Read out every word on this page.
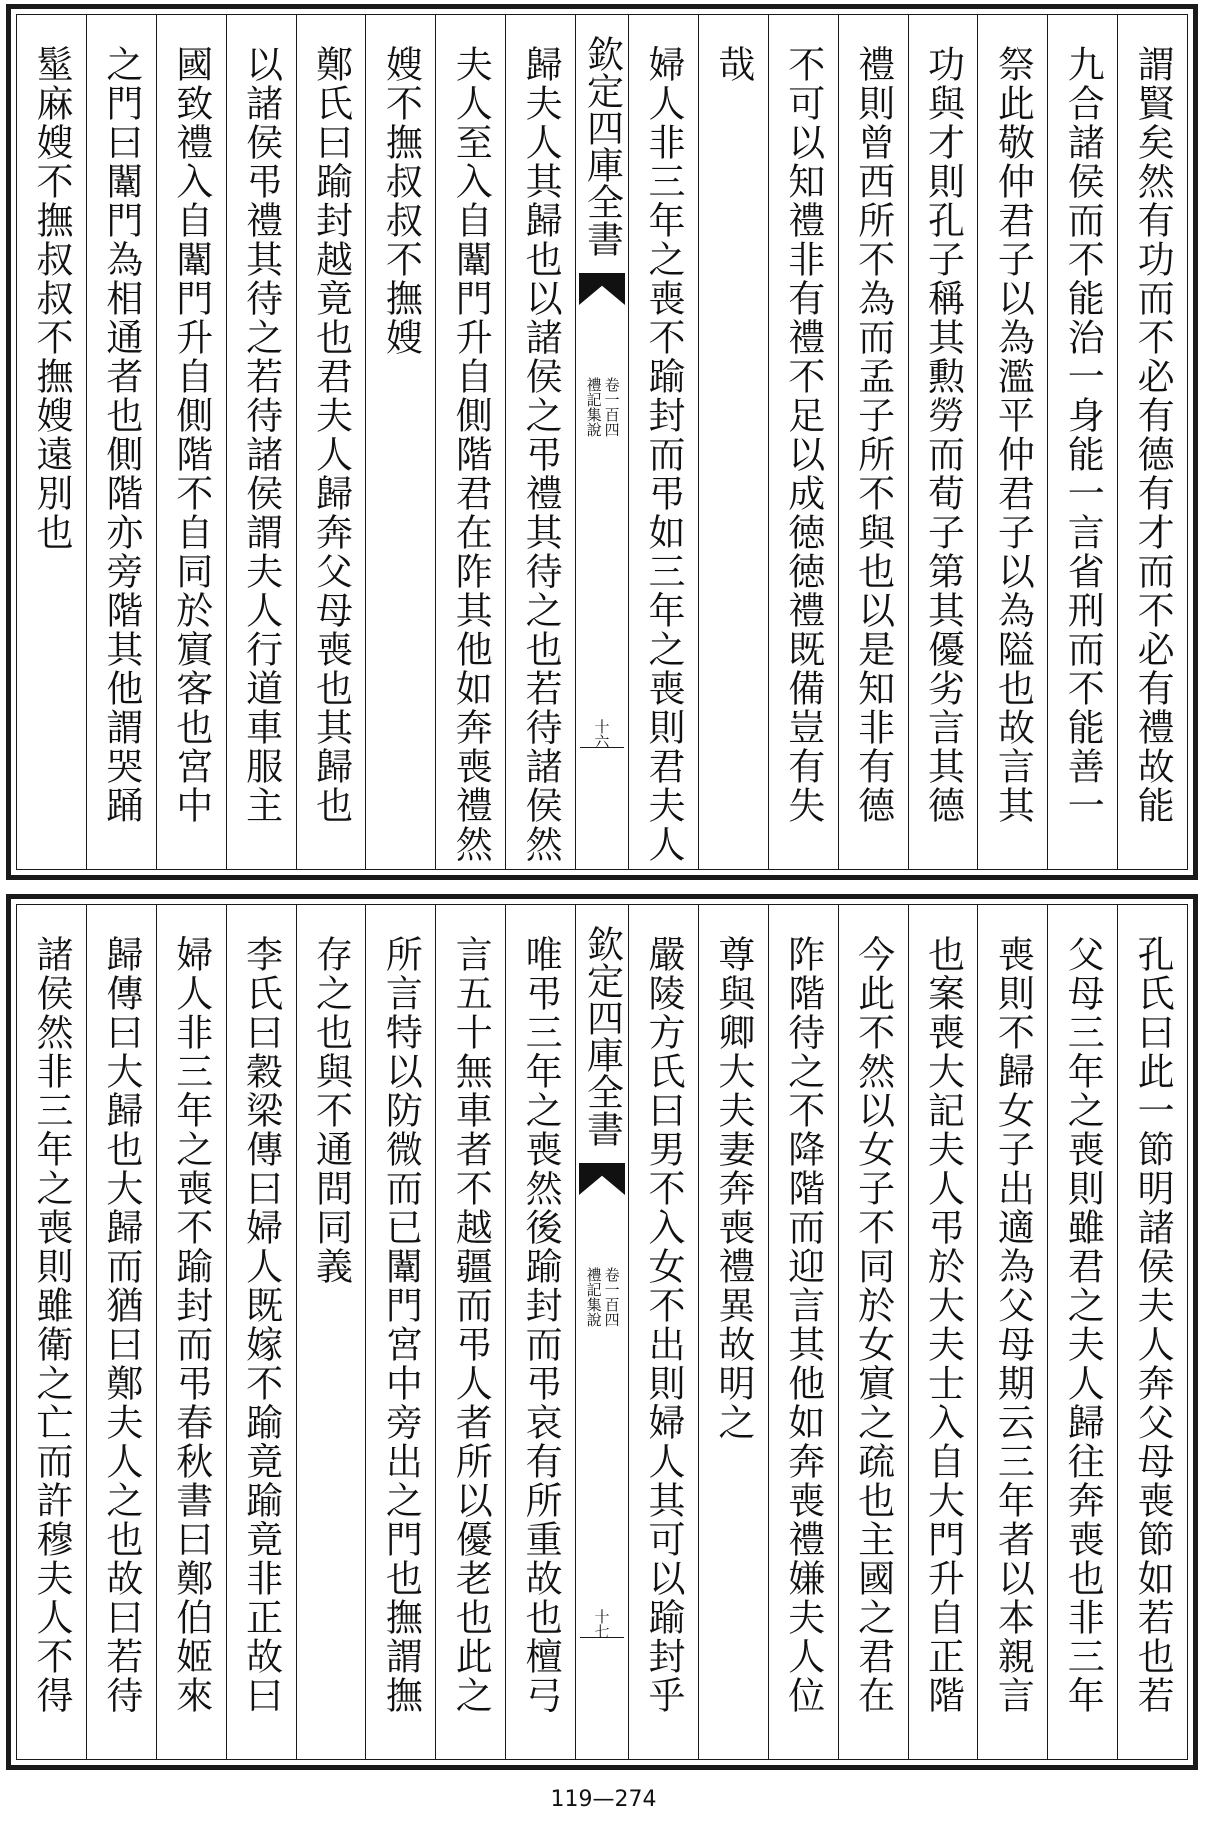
謂賢矣然有功而不必有德有才而不必有禮故能
九合諸侯而不能治一身能一言省刑而不能善一
祭此敬仲君子以為濫平仲君子以為隘也故言其
功與才則孔子稱其勲勞而荀子第其優劣言其德
禮則曾西所不為而孟子所不與也以是知非有德
不可以知禮非有禮不足以成徳徳禮既備豈有失
哉
婦人非三年之喪不踰封而弔如三年之喪則君夫人
欽定四庫全書
禮記集說 卷一百四
十六
歸夫人其歸也以諸侯之弔禮其待之也若待諸侯然
夫人至入自闈門升自側階君在阼其他如奔喪禮然
嫂不撫叔叔不撫嫂
鄭氏曰踰封越竟也君夫人歸奔父母喪也其歸也
以諸侯弔禮其待之若待諸侯謂夫人行道車服主
國致禮入自闈門升自側階不自同於賔客也宮中
之門曰闈門為相通者也側階亦旁階其他謂哭踊
髽麻嫂不撫叔叔不撫嫂遠別也
孔氏曰此一節明諸侯夫人奔父母喪節如若也若
父母三年之喪則雖君之夫人歸往奔喪也非三年
喪則不歸女子出適為父母期云三年者以本親言
也案喪大記夫人弔於大夫士入自大門升自正階
今此不然以女子不同於女賔之疏也主國之君在
阼階待之不降階而迎言其他如奔喪禮嫌夫人位
尊與卿大夫妻奔喪禮異故明之
嚴陵方氏曰男不入女不出則婦人其可以踰封乎
欽定四庫全書
禮記集說 卷一百四
十七
唯弔三年之喪然後踰封而弔哀有所重故也檀弓
言五十無車者不越疆而弔人者所以優老也此之
所言特以防微而已闈門宮中旁出之門也撫謂撫
存之也與不通問同義
李氏曰穀梁傳曰婦人既嫁不踰竟踰竟非正故曰
婦人非三年之喪不踰封而弔春秋書曰鄭伯姬來
歸傳曰大歸也大歸而猶曰鄭夫人之也故曰若待
諸侯然非三年之喪則雖衛之亡而許穆夫人不得
119—274
